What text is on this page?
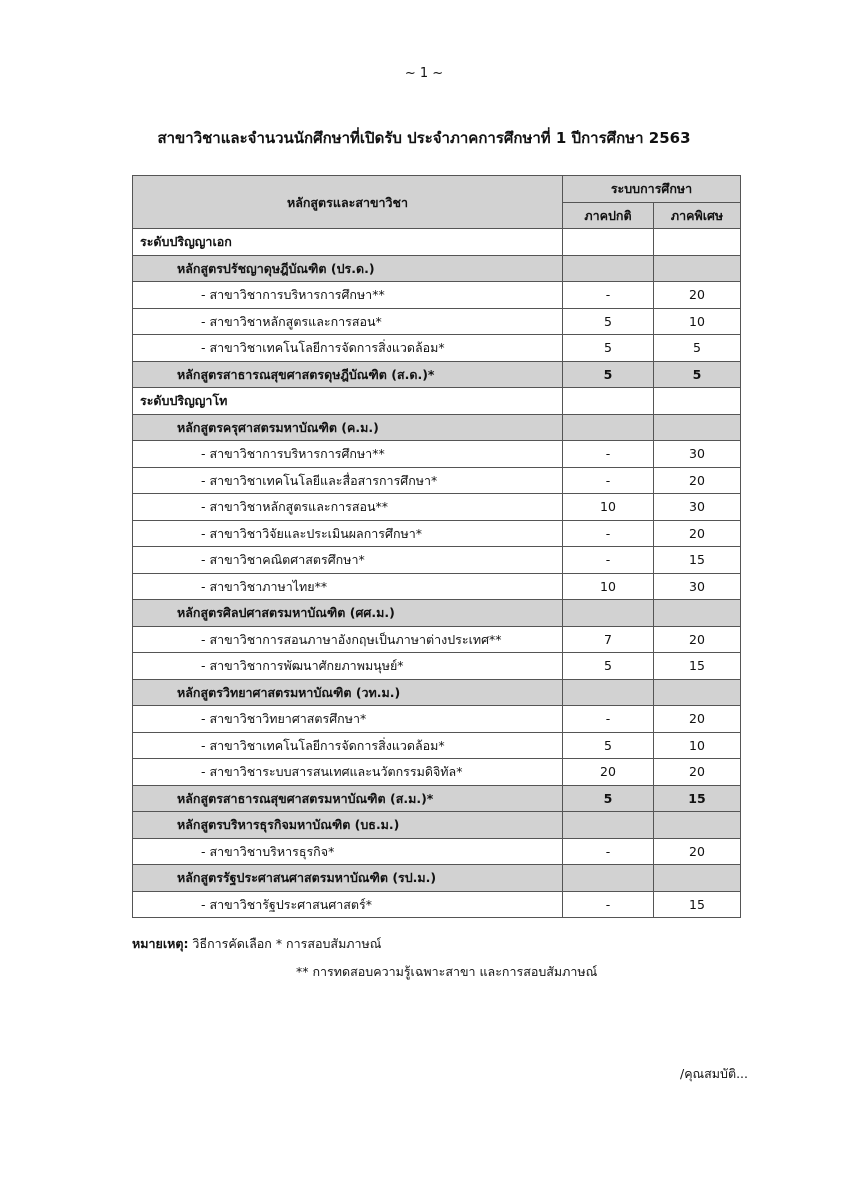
~ 1 ~
สาขาวิชาและจำนวนนักศึกษาที่เปิดรับ ประจำภาคการศึกษาที่ 1 ปีการศึกษา 2563
หลักสูตรและสาขาวิชา	ระบบการศึกษา	
	ภาคปกติ	ภาคพิเศษ
ระดับปริญญาเอก		
หลักสูตรปรัชญาดุษฎีบัณฑิต (ปร.ด.)		
- สาขาวิชาการบริหารการศึกษา**	-	20
- สาขาวิชาหลักสูตรและการสอน*	5	10
- สาขาวิชาเทคโนโลยีการจัดการสิ่งแวดล้อม*	5	5
หลักสูตรสาธารณสุขศาสตรดุษฎีบัณฑิต (ส.ด.)*	5	5
ระดับปริญญาโท		
หลักสูตรครุศาสตรมหาบัณฑิต (ค.ม.)		
- สาขาวิชาการบริหารการศึกษา**	-	30
- สาขาวิชาเทคโนโลยีและสื่อสารการศึกษา*	-	20
- สาขาวิชาหลักสูตรและการสอน**	10	30
- สาขาวิชาวิจัยและประเมินผลการศึกษา*	-	20
- สาขาวิชาคณิตศาสตรศึกษา*	-	15
- สาขาวิชาภาษาไทย**	10	30
หลักสูตรศิลปศาสตรมหาบัณฑิต (ศศ.ม.)		
- สาขาวิชาการสอนภาษาอังกฤษเป็นภาษาต่างประเทศ**	7	20
- สาขาวิชาการพัฒนาศักยภาพมนุษย์*	5	15
หลักสูตรวิทยาศาสตรมหาบัณฑิต (วท.ม.)		
- สาขาวิชาวิทยาศาสตรศึกษา*	-	20
- สาขาวิชาเทคโนโลยีการจัดการสิ่งแวดล้อม*	5	10
- สาขาวิชาระบบสารสนเทศและนวัตกรรมดิจิทัล*	20	20
หลักสูตรสาธารณสุขศาสตรมหาบัณฑิต (ส.ม.)*	5	15
หลักสูตรบริหารธุรกิจมหาบัณฑิต (บธ.ม.)		
- สาขาวิชาบริหารธุรกิจ*	-	20
หลักสูตรรัฐประศาสนศาสตรมหาบัณฑิต (รป.ม.)		
- สาขาวิชารัฐประศาสนศาสตร์*	-	15
หมายเหตุ: วิธีการคัดเลือก * การสอบสัมภาษณ์
** การทดสอบความรู้เฉพาะสาขา และการสอบสัมภาษณ์
/คุณสมบัติ...
